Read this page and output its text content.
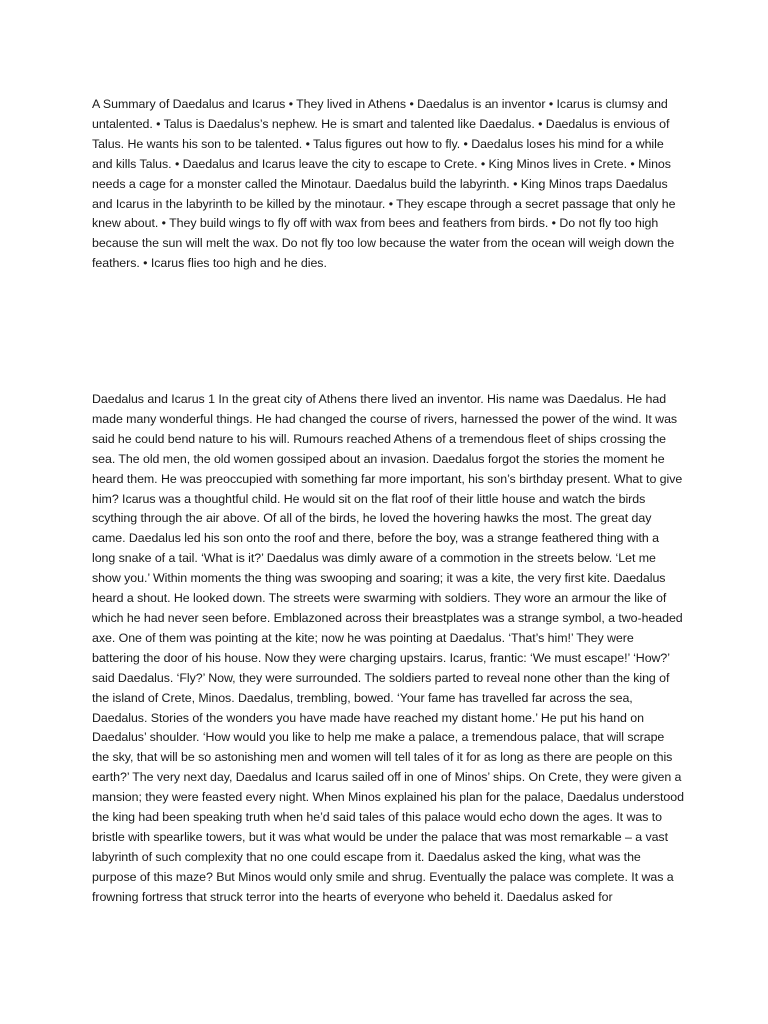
A Summary of Daedalus and Icarus • They lived in Athens • Daedalus is an inventor • Icarus is clumsy and untalented. • Talus is Daedalus’s nephew. He is smart and talented like Daedalus. • Daedalus is envious of Talus. He wants his son to be talented. • Talus figures out how to fly. • Daedalus loses his mind for a while and kills Talus. • Daedalus and Icarus leave the city to escape to Crete. • King Minos lives in Crete. • Minos needs a cage for a monster called the Minotaur. Daedalus build the labyrinth. • King Minos traps Daedalus and Icarus in the labyrinth to be killed by the minotaur. • They escape through a secret passage that only he knew about. • They build wings to fly off with wax from bees and feathers from birds. • Do not fly too high because the sun will melt the wax. Do not fly too low because the water from the ocean will weigh down the feathers. • Icarus flies too high and he dies.

Daedalus and Icarus 1 In the great city of Athens there lived an inventor. His name was Daedalus. He had made many wonderful things. He had changed the course of rivers, harnessed the power of the wind. It was said he could bend nature to his will. Rumours reached Athens of a tremendous fleet of ships crossing the sea. The old men, the old women gossiped about an invasion. Daedalus forgot the stories the moment he heard them. He was preoccupied with something far more important, his son’s birthday present. What to give him? Icarus was a thoughtful child. He would sit on the flat roof of their little house and watch the birds scything through the air above. Of all of the birds, he loved the hovering hawks the most. The great day came. Daedalus led his son onto the roof and there, before the boy, was a strange feathered thing with a long snake of a tail. ‘What is it?’ Daedalus was dimly aware of a commotion in the streets below. ‘Let me show you.’ Within moments the thing was swooping and soaring; it was a kite, the very first kite. Daedalus heard a shout. He looked down. The streets were swarming with soldiers. They wore an armour the like of which he had never seen before. Emblazoned across their breastplates was a strange symbol, a two-headed axe. One of them was pointing at the kite; now he was pointing at Daedalus. ‘That’s him!’ They were battering the door of his house. Now they were charging upstairs. Icarus, frantic: ‘We must escape!’ ‘How?’ said Daedalus. ‘Fly?’ Now, they were surrounded. The soldiers parted to reveal none other than the king of the island of Crete, Minos. Daedalus, trembling, bowed. ‘Your fame has travelled far across the sea, Daedalus. Stories of the wonders you have made have reached my distant home.’ He put his hand on Daedalus’ shoulder. ‘How would you like to help me make a palace, a tremendous palace, that will scrape the sky, that will be so astonishing men and women will tell tales of it for as long as there are people on this earth?’ The very next day, Daedalus and Icarus sailed off in one of Minos’ ships. On Crete, they were given a mansion; they were feasted every night. When Minos explained his plan for the palace, Daedalus understood the king had been speaking truth when he’d said tales of this palace would echo down the ages. It was to bristle with spearlike towers, but it was what would be under the palace that was most remarkable – a vast labyrinth of such complexity that no one could escape from it. Daedalus asked the king, what was the purpose of this maze? But Minos would only smile and shrug. Eventually the palace was complete. It was a frowning fortress that struck terror into the hearts of everyone who beheld it. Daedalus asked for
